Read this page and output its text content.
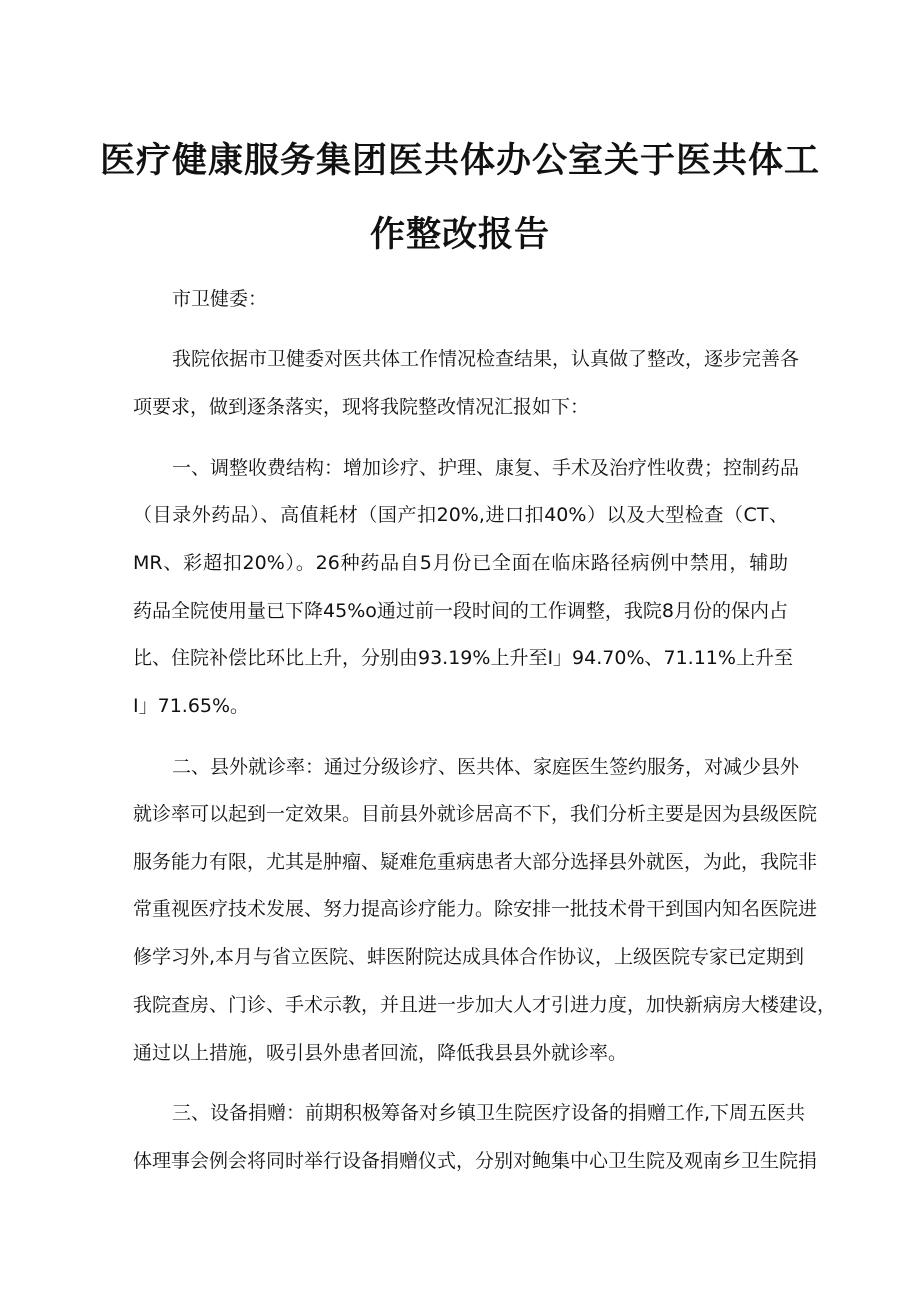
医疗健康服务集团医共体办公室关于医共体工
作整改报告
市卫健委：
我院依据市卫健委对医共体工作情况检查结果，认真做了整改，逐步完善各
项要求，做到逐条落实，现将我院整改情况汇报如下：
一、调整收费结构：增加诊疗、护理、康复、手术及治疗性收费；控制药品
（目录外药品）、高值耗材（国产扣20%,进口扣40%）以及大型检查（CT、
MR、彩超扣20%）。26种药品自5月份已全面在临床路径病例中禁用，辅助
药品全院使用量已下降45%o通过前一段时间的工作调整，我院8月份的保内占
比、住院补偿比环比上升，分别由93.19%上升至I」94.70%、71.11%上升至
I」71.65%。
二、县外就诊率：通过分级诊疗、医共体、家庭医生签约服务，对减少县外
就诊率可以起到一定效果。目前县外就诊居高不下，我们分析主要是因为县级医院
服务能力有限，尤其是肿瘤、疑难危重病患者大部分选择县外就医，为此，我院非
常重视医疗技术发展、努力提高诊疗能力。除安排一批技术骨干到国内知名医院进
修学习外,本月与省立医院、蚌医附院达成具体合作协议，上级医院专家已定期到
我院查房、门诊、手术示教，并且进一步加大人才引进力度，加快新病房大楼建设，
通过以上措施，吸引县外患者回流，降低我县县外就诊率。
三、设备捐赠：前期积极筹备对乡镇卫生院医疗设备的捐赠工作,下周五医共
体理事会例会将同时举行设备捐赠仪式，分别对鲍集中心卫生院及观南乡卫生院捐
